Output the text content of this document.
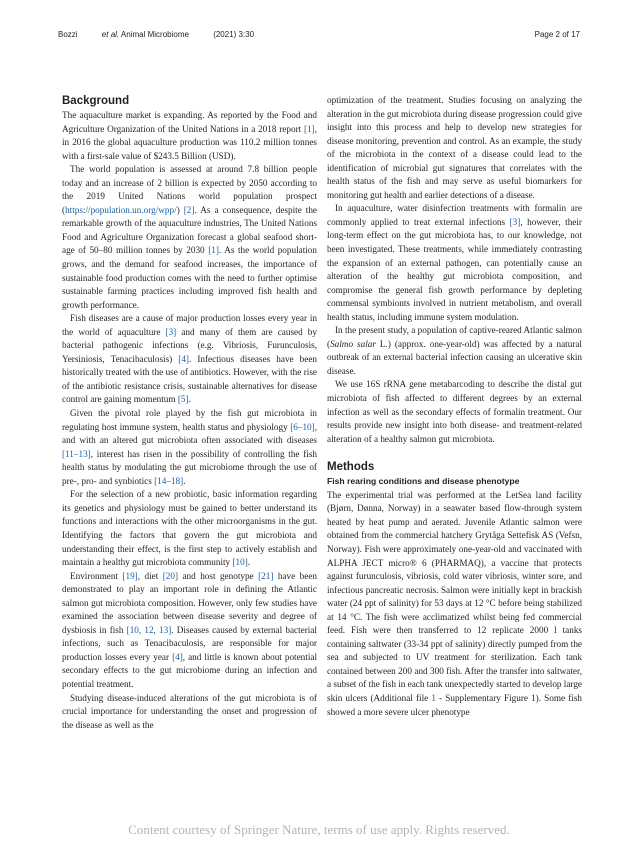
Bozzi	et al. Animal Microbiome	(2021) 3:30	Page 2 of 17
Background

The aquaculture market is expanding. As reported by the Food and Agriculture Organization of the United Nations in a 2018 report [1], in 2016 the global aquaculture production was 110.2 million tonnes with a first-sale value of $243.5 Billion (USD).

The world population is assessed at around 7.8 billion people today and an increase of 2 billion is expected by 2050 according to the 2019 United Nations world population prospect (https://population.un.org/wpp/) [2]. As a consequence, despite the remarkable growth of the aquaculture industries, The United Nations Food and Agriculture Organization forecast a global seafood shortage of 50–80 million tonnes by 2030 [1]. As the world population grows, and the demand for seafood increases, the importance of sustainable food production comes with the need to further optimise sustainable farming practices including improved fish health and growth performance.

Fish diseases are a cause of major production losses every year in the world of aquaculture [3] and many of them are caused by bacterial pathogenic infections (e.g. Vibriosis, Furunculosis, Yersiniosis, Tenacibaculosis) [4]. Infectious diseases have been historically treated with the use of antibiotics. However, with the rise of the antibiotic resistance crisis, sustainable alternatives for disease control are gaining momentum [5].

Given the pivotal role played by the fish gut microbiota in regulating host immune system, health status and physiology [6–10], and with an altered gut microbiota often associated with diseases [11–13], interest has risen in the possibility of controlling the fish health status by modulating the gut microbiome through the use of pre-, pro- and synbiotics [14–18].

For the selection of a new probiotic, basic information regarding its genetics and physiology must be gained to better understand its functions and interactions with the other microorganisms in the gut. Identifying the factors that govern the gut microbiota and understanding their effect, is the first step to actively establish and maintain a healthy gut microbiota community [10].

Environment [19], diet [20] and host genotype [21] have been demonstrated to play an important role in defining the Atlantic salmon gut microbiota composition. However, only few studies have examined the association between disease severity and degree of dysbiosis in fish [10, 12, 13]. Diseases caused by external bacterial infections, such as Tenacibaculosis, are responsible for major production losses every year [4], and little is known about potential secondary effects to the gut microbiome during an infection and potential treatment.

Studying disease-induced alterations of the gut microbiota is of crucial importance for understanding the onset and progression of the disease as well as the

optimization of the treatment. Studies focusing on analyzing the alteration in the gut microbiota during disease progression could give insight into this process and help to develop new strategies for disease monitoring, prevention and control. As an example, the study of the microbiota in the context of a disease could lead to the identification of microbial gut signatures that correlates with the health status of the fish and may serve as useful biomarkers for monitoring gut health and earlier detections of a disease.

In aquaculture, water disinfection treatments with formalin are commonly applied to treat external infections [3], however, their long-term effect on the gut microbiota has, to our knowledge, not been investigated. These treatments, while immediately contrasting the expansion of an external pathogen, can potentially cause an alteration of the healthy gut microbiota composition, and compromise the general fish growth performance by depleting commensal symbionts involved in nutrient metabolism, and overall health status, including immune system modulation.

In the present study, a population of captive-reared Atlantic salmon (Salmo salar L.) (approx. one-year-old) was affected by a natural outbreak of an external bacterial infection causing an ulcerative skin disease.

We use 16S rRNA gene metabarcoding to describe the distal gut microbiota of fish affected to different degrees by an external infection as well as the secondary effects of formalin treatment. Our results provide new insight into both disease- and treatment-related alteration of a healthy salmon gut microbiota.

Methods
Fish rearing conditions and disease phenotype

The experimental trial was performed at the LetSea land facility (Bjørn, Dønna, Norway) in a seawater based flow-through system heated by heat pump and aerated. Juvenile Atlantic salmon were obtained from the commercial hatchery Grytåga Settefisk AS (Vefsn, Norway). Fish were approximately one-year-old and vaccinated with ALPHA JECT micro® 6 (PHARMAQ), a vaccine that protects against furunculosis, vibriosis, cold water vibriosis, winter sore, and infectious pancreatic necrosis. Salmon were initially kept in brackish water (24 ppt of salinity) for 53 days at 12 °C before being stabilized at 14 °C. The fish were acclimatized whilst being fed commercial feed. Fish were then transferred to 12 replicate 2000 l tanks containing saltwater (33-34 ppt of salinity) directly pumped from the sea and subjected to UV treatment for sterilization. Each tank contained between 200 and 300 fish. After the transfer into saltwater, a subset of the fish in each tank unexpectedly started to develop large skin ulcers (Additional file 1 - Supplementary Figure 1). Some fish showed a more severe ulcer phenotype

Content courtesy of Springer Nature, terms of use apply. Rights reserved.
